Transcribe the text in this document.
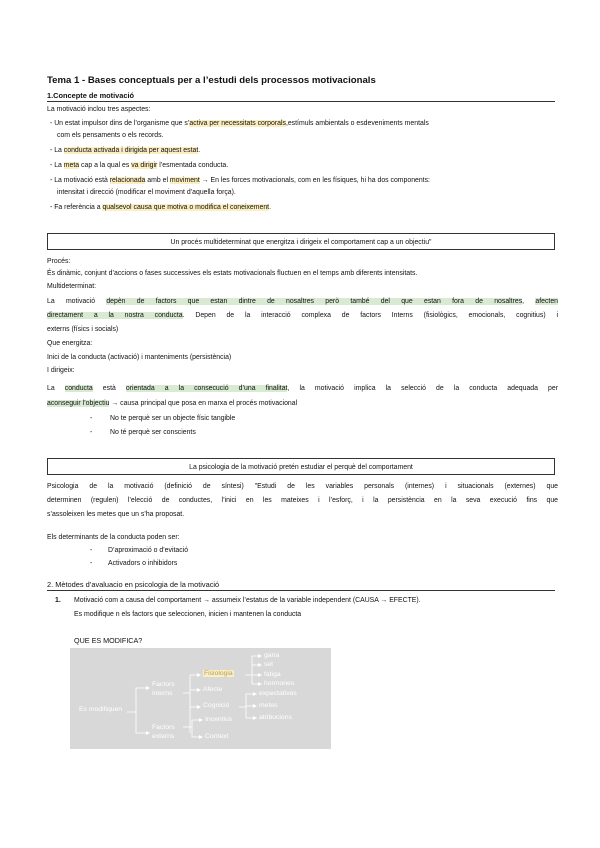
Tema 1 - Bases conceptuals per a l’estudi dels processos motivacionals
1.Concepte de motivació
La motivació inclou tres aspectes:
- Un estat impulsor dins de l’organisme que s’activa per necessitats corporals,estímuls ambientals o esdeveniments mentals
com els pensaments o els records.
- La conducta activada i dirigida per aquest estat.
- La meta cap a la qual es va dirigir l’esmentada conducta.
- La motivació està relacionada amb el moviment → En les forces motivacionals, com en les físiques, hi ha dos components:
intensitat i direcció (modificar el moviment d’aquella força).
- Fa referència a qualsevol causa que motiva o modifica el coneixement.
Un procés multideterminat que energitza i dirigeix el comportament cap a un objectiu"
Procés:
És dinàmic, conjunt d’accions o fases successives els estats motivacionals fluctuen en el temps amb diferents intensitats.
Multideterminat:
La motivació depèn de factors que estan dintre de nosaltres però també del que estan fora de nosaltres, afecten
directament a la nostra conducta. Depen de la interacció complexa de factors Interns (fisiològics, emocionals, cognitius) i
externs (físics i socials)
Que energitza:
Inici de la conducta (activació) i manteniments (persistència)
I dirigeix:
La conducta està orientada a la consecució d’una finalitat, la motivació implica la selecció de la conducta adequada per
aconseguir l’objectiu → causa principal que posa en marxa el procés motivacional
-	No te perquè ser un objecte físic tangible
-	No té perquè ser conscients
La psicologia de la motivació pretén estudiar el perquè del comportament
Psicologia de la motivació (definició de síntesi) "Estudi de les variables personals (internes) i situacionals (externes) que
determinen (regulen) l’elecció de conductes, l’inici en les mateixes i l’esforç, i la persistència en la seva execució fins que
s’assoleixen les metes que un s’ha proposat.
Els determinants de la conducta poden ser:
- D’aproximació o d’evitació
- Activadors o inhibidors
2. Mètodes d’avaluacio en psicologia de la motivació
1. Motivació com a causa del comportament → assumeix l’estatus de la variable independent (CAUSA → EFECTE).
Es modifique n els factors que seleccionen, inicien i mantenen la conducta
QUE ES MODIFICA?
Es modifiquen
Factors interns
Factors externs
Fisiologia
Afecte
Cognició
Incentius
Context
gana
set
fatiga
hormones
expectatives
metes
atribucions
